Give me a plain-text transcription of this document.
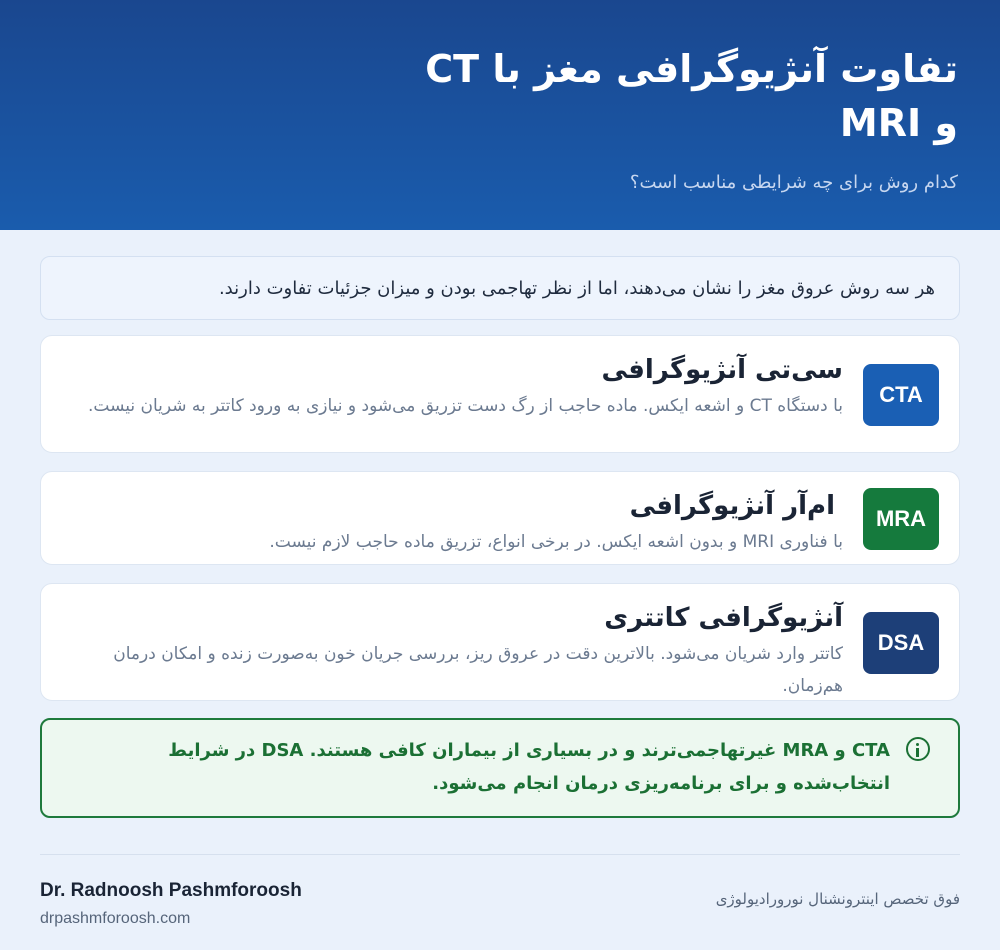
تفاوت آنژیوگرافی مغز با CT و MRI
کدام روش برای چه شرایطی مناسب است؟
هر سه روش عروق مغز را نشان می‌دهند، اما از نظر تهاجمی بودن و میزان جزئیات تفاوت دارند.
CTA
سی‌تی آنژیوگرافی
با دستگاه CT و اشعه ایکس. ماده حاجب از رگ دست تزریق می‌شود و نیازی به ورود کاتتر به شریان نیست.
MRA
ام‌آر آنژیوگرافی
با فناوری MRI و بدون اشعه ایکس. در برخی انواع، تزریق ماده حاجب لازم نیست.
DSA
آنژیوگرافی کاتتری
کاتتر وارد شریان می‌شود. بالاترین دقت در عروق ریز، بررسی جریان خون به‌صورت زنده و امکان درمان هم‌زمان.
CTA و MRA غیرتهاجمی‌ترند و در بسیاری از بیماران کافی هستند. DSA در شرایط انتخاب‌شده و برای برنامه‌ریزی درمان انجام می‌شود.
Dr. Radnoosh Pashmforoosh
drpashmforoosh.com
فوق تخصص اینترونشنال نورورادیولوژی
